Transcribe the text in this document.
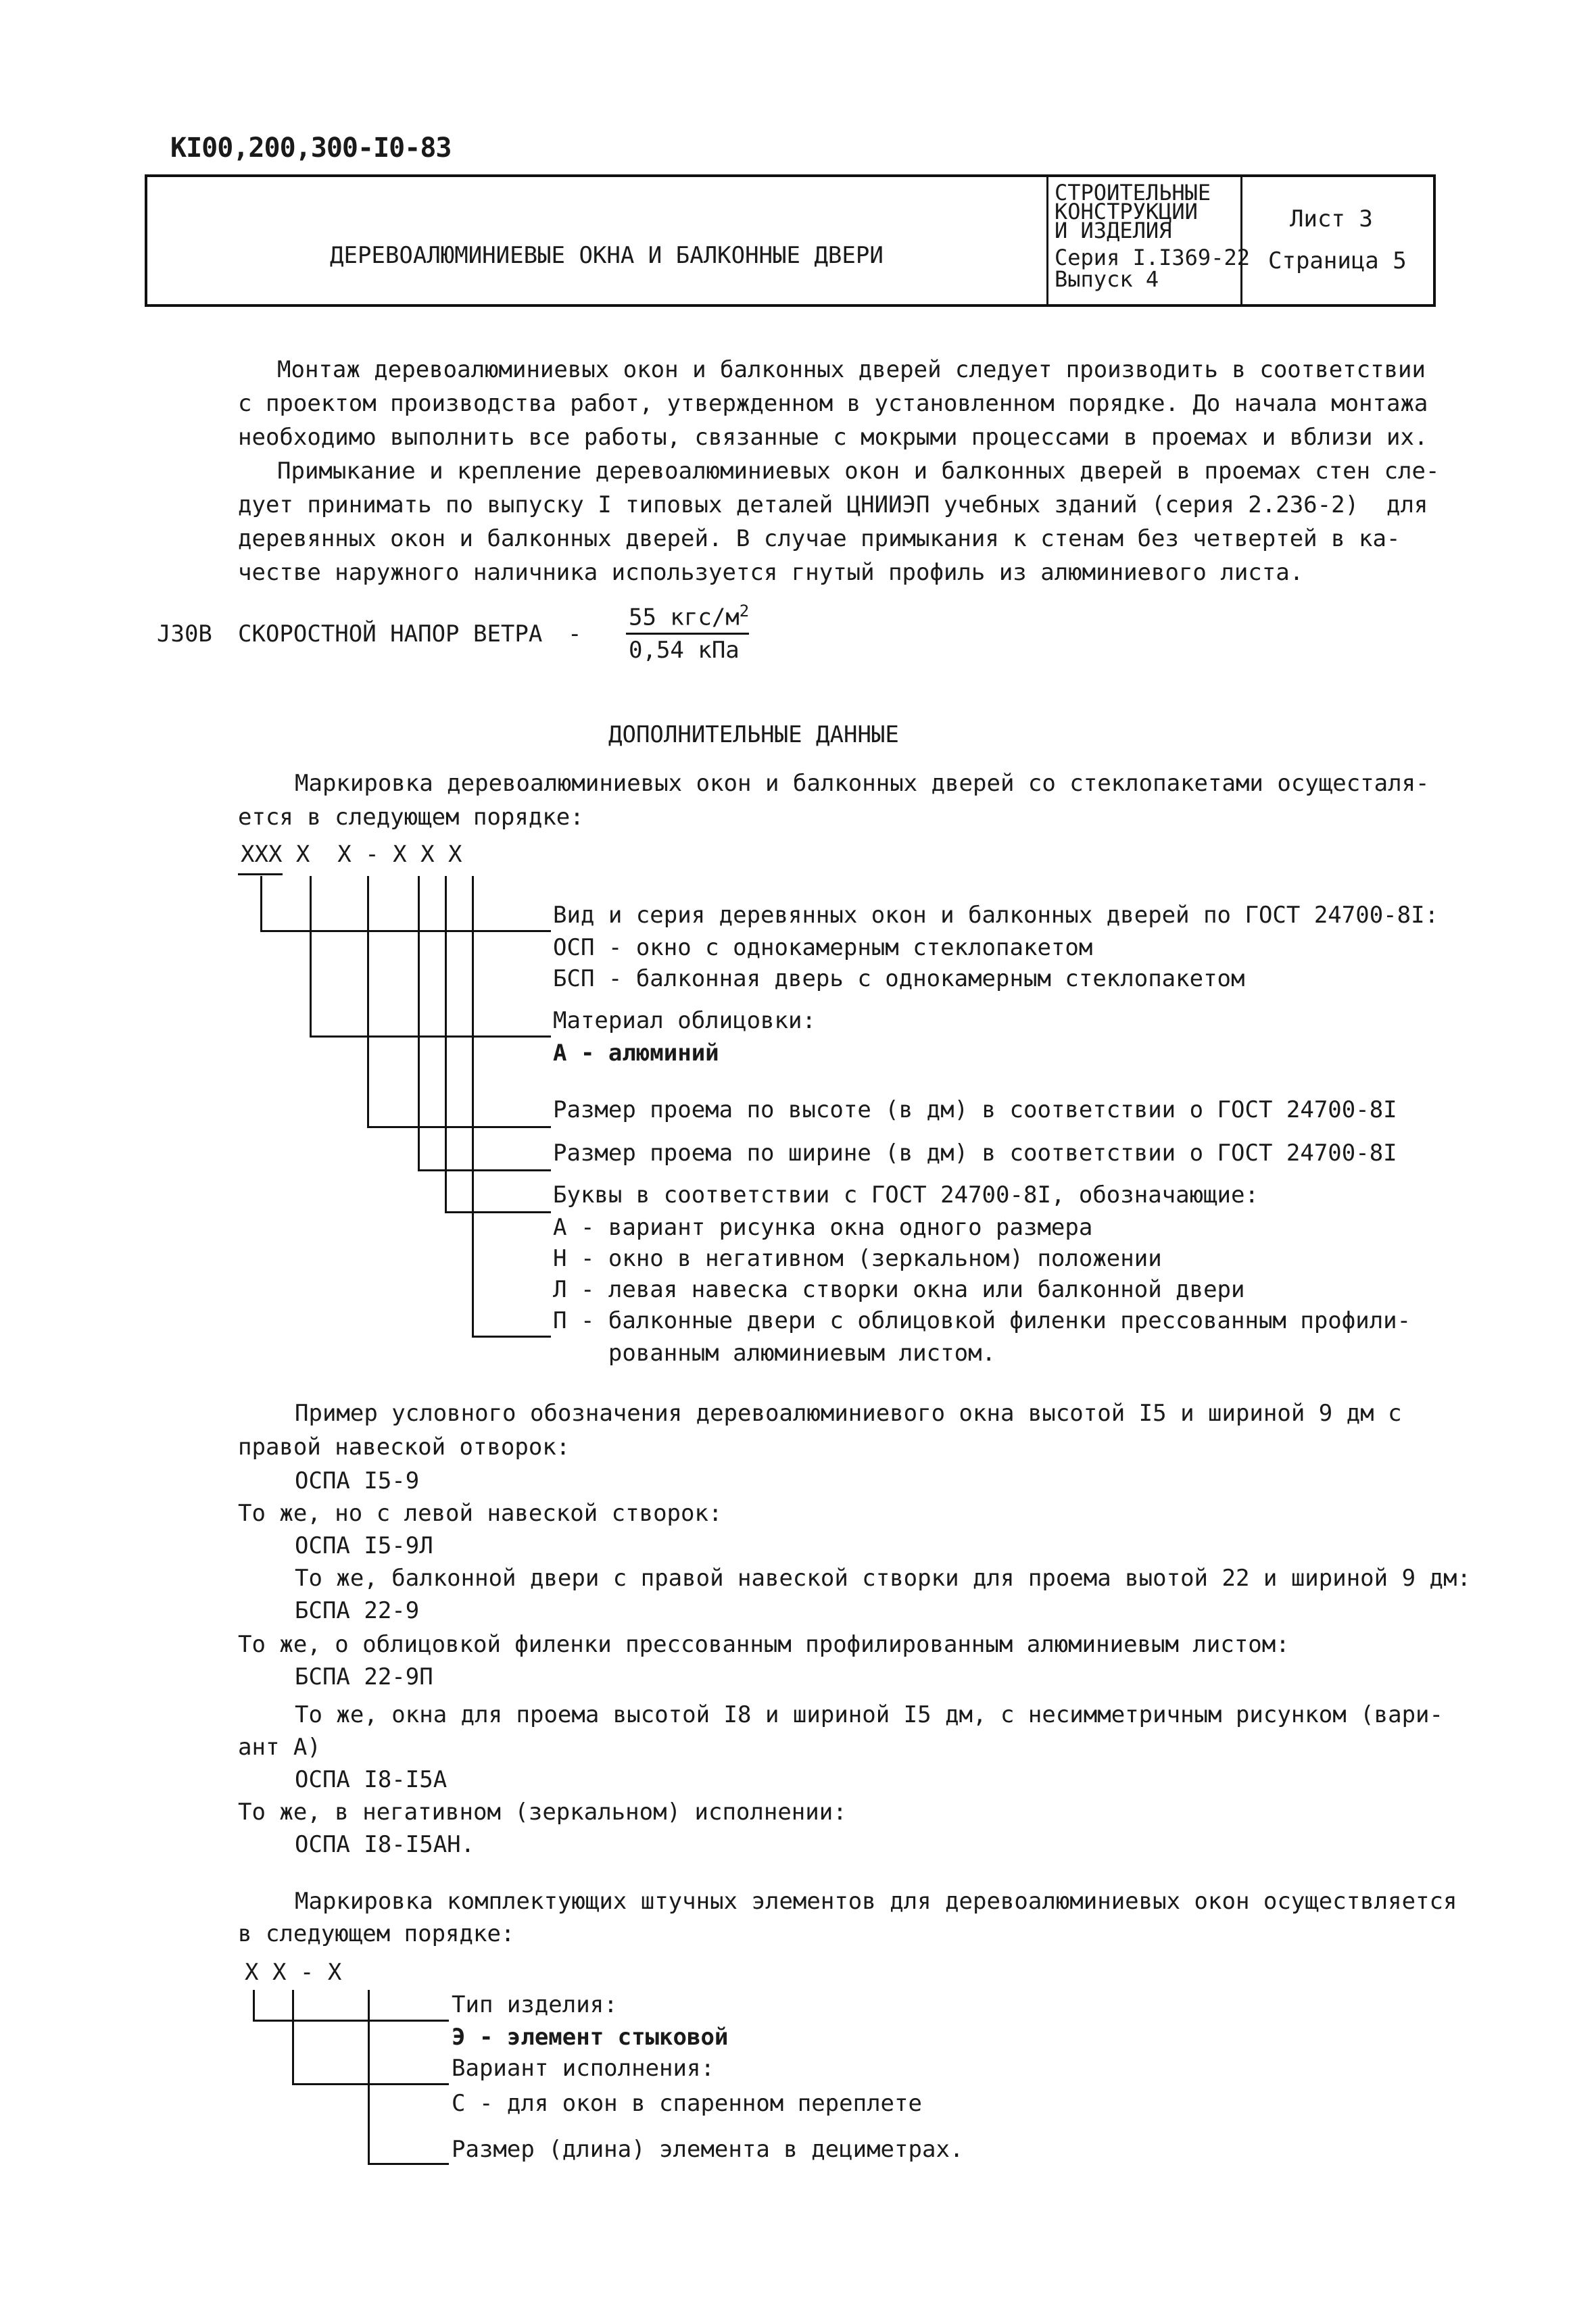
КI00,200,300-I0-83
ДЕРЕВОАЛЮМИНИЕВЫЕ ОКНА И БАЛКОННЫЕ ДВЕРИ
СТРОИТЕЛЬНЫЕ
КОНСТРУКЦИИ
И ИЗДЕЛИЯ
Серия I.I369-22
Выпуск 4
Лист 3
Страница 5
Монтаж деревоалюминиевых окон и балконных дверей следует производить в соответствии
с проектом производства работ, утвержденном в установленном порядке. До начала монтажа
необходимо выполнить все работы, связанные с мокрыми процессами в проемах и вблизи их.
Примыкание и крепление деревоалюминиевых окон и балконных дверей в проемах стен сле-
дует принимать по выпуску I типовых деталей ЦНИИЭП учебных зданий (серия 2.236-2)  для
деревянных окон и балконных дверей. В случае примыкания к стенам без четвертей в ка-
честве наружного наличника используется гнутый профиль из алюминиевого листа.
J30B СКОРОСТНОЙ НАПОР ВЕТРА -
55 кгс/$м^2$
0,54 кПа
ДОПОЛНИТЕЛЬНЫЕ ДАННЫЕ
Маркировка деревоалюминиевых окон и балконных дверей со стеклопакетами осущесталя-
ется в следующем порядке:
XXX X  X - X X X
Вид и серия деревянных окон и балконных дверей по ГОСТ 24700-8I:
ОСП - окно с однокамерным стеклопакетом
БСП - балконная дверь с однокамерным стеклопакетом
Материал облицовки:
А - алюминий
Размер проема по высоте (в дм) в соответствии о ГОСТ 24700-8I
Размер проема по ширине (в дм) в соответствии о ГОСТ 24700-8I
Буквы в соответствии с ГОСТ 24700-8I, обозначающие:
А - вариант рисунка окна одного размера
Н - окно в негативном (зеркальном) положении
Л - левая навеска створки окна или балконной двери
П - балконные двери с облицовкой филенки прессованным профили-
рованным алюминиевым листом.
Пример условного обозначения деревоалюминиевого окна высотой I5 и шириной 9 дм с
правой навеской отворок:
ОСПА I5-9
То же, но с левой навеской створок:
ОСПА I5-9Л
То же, балконной двери с правой навеской створки для проема выотой 22 и шириной 9 дм:
БСПА 22-9
То же, о облицовкой филенки прессованным профилированным алюминиевым листом:
БСПА 22-9П
То же, окна для проема высотой I8 и шириной I5 дм, с несимметричным рисунком (вари-
ант А)
ОСПА I8-I5А
То же, в негативном (зеркальном) исполнении:
ОСПА I8-I5АН.
Маркировка комплектующих штучных элементов для деревоалюминиевых окон осуществляется
в следующем порядке:
X X - X
Тип изделия:
Э - элемент стыковой
Вариант исполнения:
С - для окон в спаренном переплете
Размер (длина) элемента в дециметрах.
